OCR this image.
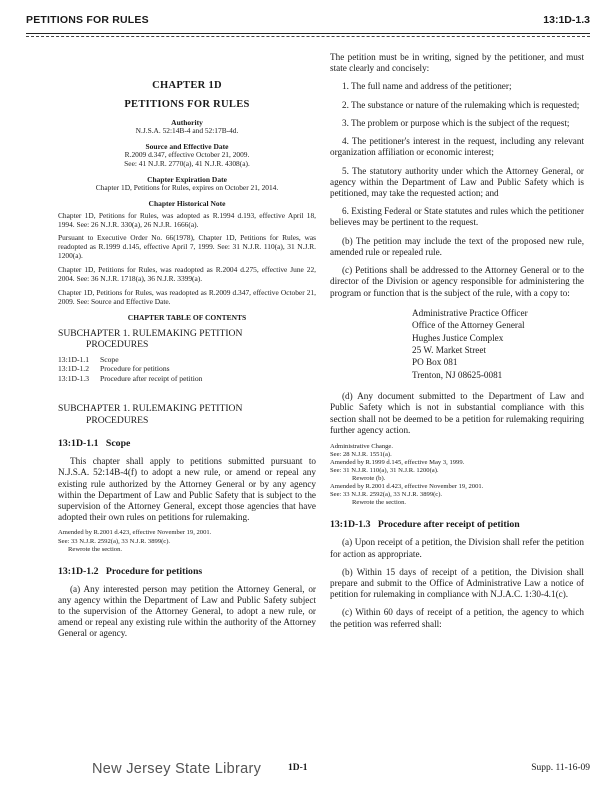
PETITIONS FOR RULES	13:1D-1.3
CHAPTER 1D
PETITIONS FOR RULES
Authority
N.J.S.A. 52:14B-4 and 52:17B-4d.
Source and Effective Date
R.2009 d.347, effective October 21, 2009.
See: 41 N.J.R. 2770(a), 41 N.J.R. 4308(a).
Chapter Expiration Date
Chapter 1D, Petitions for Rules, expires on October 21, 2014.
Chapter Historical Note

Chapter 1D, Petitions for Rules, was adopted as R.1994 d.193, effective April 18, 1994. See: 26 N.J.R. 330(a), 26 N.J.R. 1666(a).

Pursuant to Executive Order No. 66(1978), Chapter 1D, Petitions for Rules, was readopted as R.1999 d.145, effective April 7, 1999. See: 31 N.J.R. 110(a), 31 N.J.R. 1200(a).

Chapter 1D, Petitions for Rules, was readopted as R.2004 d.275, effective June 22, 2004. See: 36 N.J.R. 1718(a), 36 N.J.R. 3399(a).

Chapter 1D, Petitions for Rules, was readopted as R.2009 d.347, effective October 21, 2009. See: Source and Effective Date.

CHAPTER TABLE OF CONTENTS
SUBCHAPTER 1. RULEMAKING PETITION
PROCEDURES
13:1D-1.1	Scope
13:1D-1.2	Procedure for petitions
13:1D-1.3	Procedure after receipt of petition
SUBCHAPTER 1. RULEMAKING PETITION
PROCEDURES
13:1D-1.1   Scope

This chapter shall apply to petitions submitted pursuant to N.J.S.A. 52:14B-4(f) to adopt a new rule, or amend or repeal any existing rule authorized by the Attorney General or by any agency within the Department of Law and Public Safety that is subject to the supervision of the Attorney General, except those agencies that have adopted their own rules on petitions for rulemaking.

Amended by R.2001 d.423, effective November 19, 2001.
See: 33 N.J.R. 2592(a), 33 N.J.R. 3899(c).
Rewrote the section.
13:1D-1.2   Procedure for petitions

(a) Any interested person may petition the Attorney General, or any agency within the Department of Law and Public Safety subject to the supervision of the Attorney General, to adopt a new rule, or amend or repeal any existing rule within the authority of the Attorney General or agency.

The petition must be in writing, signed by the petitioner, and must state clearly and concisely:

1. The full name and address of the petitioner;

2. The substance or nature of the rulemaking which is requested;

3. The problem or purpose which is the subject of the request;

4. The petitioner's interest in the request, including any relevant organization affiliation or economic interest;

5. The statutory authority under which the Attorney General, or agency within the Department of Law and Public Safety which is petitioned, may take the requested action; and

6. Existing Federal or State statutes and rules which the petitioner believes may be pertinent to the request.

(b) The petition may include the text of the proposed new rule, amended rule or repealed rule.

(c) Petitions shall be addressed to the Attorney General or to the director of the Division or agency responsible for administering the program or function that is the subject of the rule, with a copy to:

Administrative Practice Officer
Office of the Attorney General
Hughes Justice Complex
25 W. Market Street
PO Box 081
Trenton, NJ 08625-0081

(d) Any document submitted to the Department of Law and Public Safety which is not in substantial compliance with this section shall not be deemed to be a petition for rulemaking requiring further agency action.

Administrative Change.
See: 28 N.J.R. 1551(a).
Amended by R.1999 d.145, effective May 3, 1999.
See: 31 N.J.R. 110(a), 31 N.J.R. 1200(a).
Rewrote (b).
Amended by R.2001 d.423, effective November 19, 2001.
See: 33 N.J.R. 2592(a), 33 N.J.R. 3899(c).
Rewrote the section.
13:1D-1.3   Procedure after receipt of petition

(a) Upon receipt of a petition, the Division shall refer the petition for action as appropriate.

(b) Within 15 days of receipt of a petition, the Division shall prepare and submit to the Office of Administrative Law a notice of petition for rulemaking in compliance with N.J.A.C. 1:30-4.1(c).

(c) Within 60 days of receipt of a petition, the agency to which the petition was referred shall:

New Jersey State Library	1D-1	Supp. 11-16-09
